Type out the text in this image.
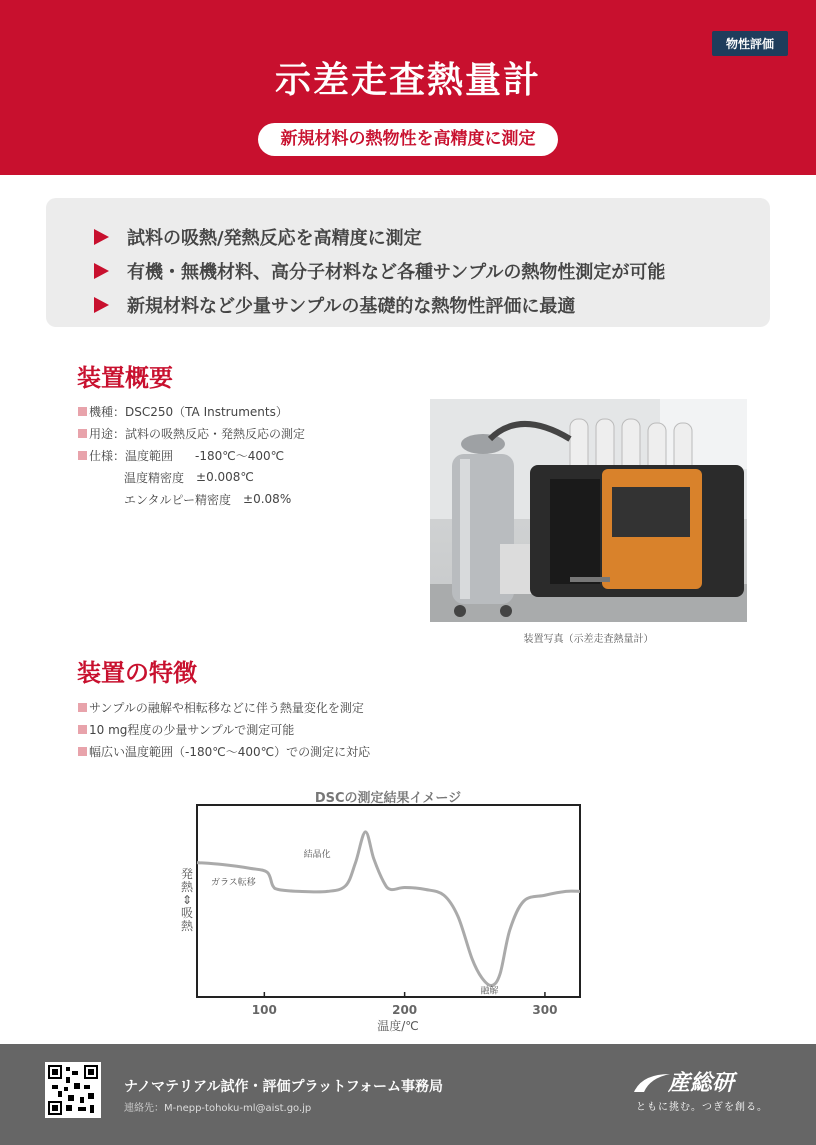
物性評価
示差走査熱量計
新規材料の熱物性を高精度に測定
試料の吸熱/発熱反応を高精度に測定
有機・無機材料、高分子材料など各種サンプルの熱物性測定が可能
新規材料など少量サンプルの基礎的な熱物性評価に最適
装置概要
機種：DSC250（TA Instruments）
用途：試料の吸熱反応・発熱反応の測定
仕様：温度範囲 -180℃～400℃
温度精密度 ±0.008℃
エンタルピー精密度 ±0.08%
装置写真（示差走査熱量計）
装置の特徴
サンプルの融解や相転移などに伴う熱量変化を測定
10 mg程度の少量サンプルで測定可能
幅広い温度範囲（-180℃～400℃）での測定に対応
DSCの測定結果イメージ
100	200	300
ガラス転移
結晶化
融解
温度/℃
発
熱
⇕
吸
熱
ナノマテリアル試作・評価プラットフォーム事務局
連絡先：M-nepp-tohoku-ml@aist.go.jp
産総研
ともに挑む。つぎを創る。
